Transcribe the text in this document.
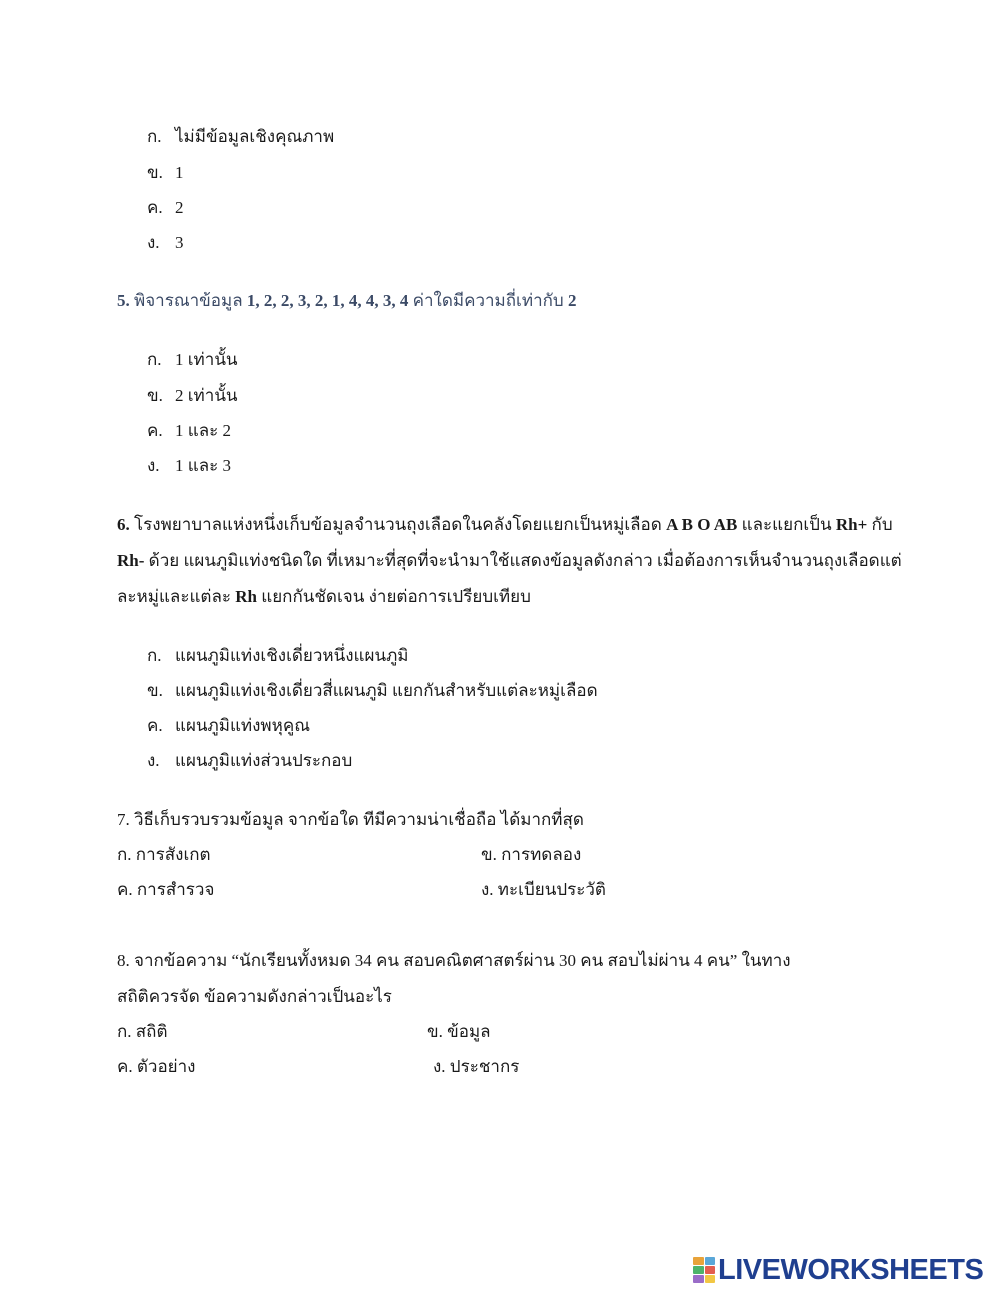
ก. ไม่มีข้อมูลเชิงคุณภาพ
ข. 1
ค. 2
ง. 3
5. พิจารณาข้อมูล 1, 2, 2, 3, 2, 1, 4, 4, 3, 4 ค่าใดมีความถี่เท่ากับ 2
ก. 1 เท่านั้น
ข. 2 เท่านั้น
ค. 1 และ 2
ง. 1 และ 3
6. โรงพยาบาลแห่งหนึ่งเก็บข้อมูลจำนวนถุงเลือดในคลังโดยแยกเป็นหมู่เลือด A B O AB และแยกเป็น Rh+ กับ
Rh- ด้วย แผนภูมิแท่งชนิดใด ที่เหมาะที่สุดที่จะนำมาใช้แสดงข้อมูลดังกล่าว เมื่อต้องการเห็นจำนวนถุงเลือดแต่
ละหมู่และแต่ละ Rh แยกกันชัดเจน ง่ายต่อการเปรียบเทียบ
ก. แผนภูมิแท่งเชิงเดี่ยวหนึ่งแผนภูมิ
ข. แผนภูมิแท่งเชิงเดี่ยวสี่แผนภูมิ แยกกันสำหรับแต่ละหมู่เลือด
ค. แผนภูมิแท่งพหุคูณ
ง. แผนภูมิแท่งส่วนประกอบ
7. วิธีเก็บรวบรวมข้อมูล จากข้อใด ทีมีความน่าเชื่อถือ ได้มากที่สุด
ก. การสังเกต	ข. การทดลอง
ค. การสำรวจ	ง. ทะเบียนประวัติ
8. จากข้อความ “นักเรียนทั้งหมด 34 คน สอบคณิตศาสตร์ผ่าน 30 คน สอบไม่ผ่าน 4 คน” ในทาง
สถิติควรจัด ข้อความดังกล่าวเป็นอะไร
ก. สถิติ	ข. ข้อมูล
ค. ตัวอย่าง	ง. ประชากร
LIVEWORKSHEETS
